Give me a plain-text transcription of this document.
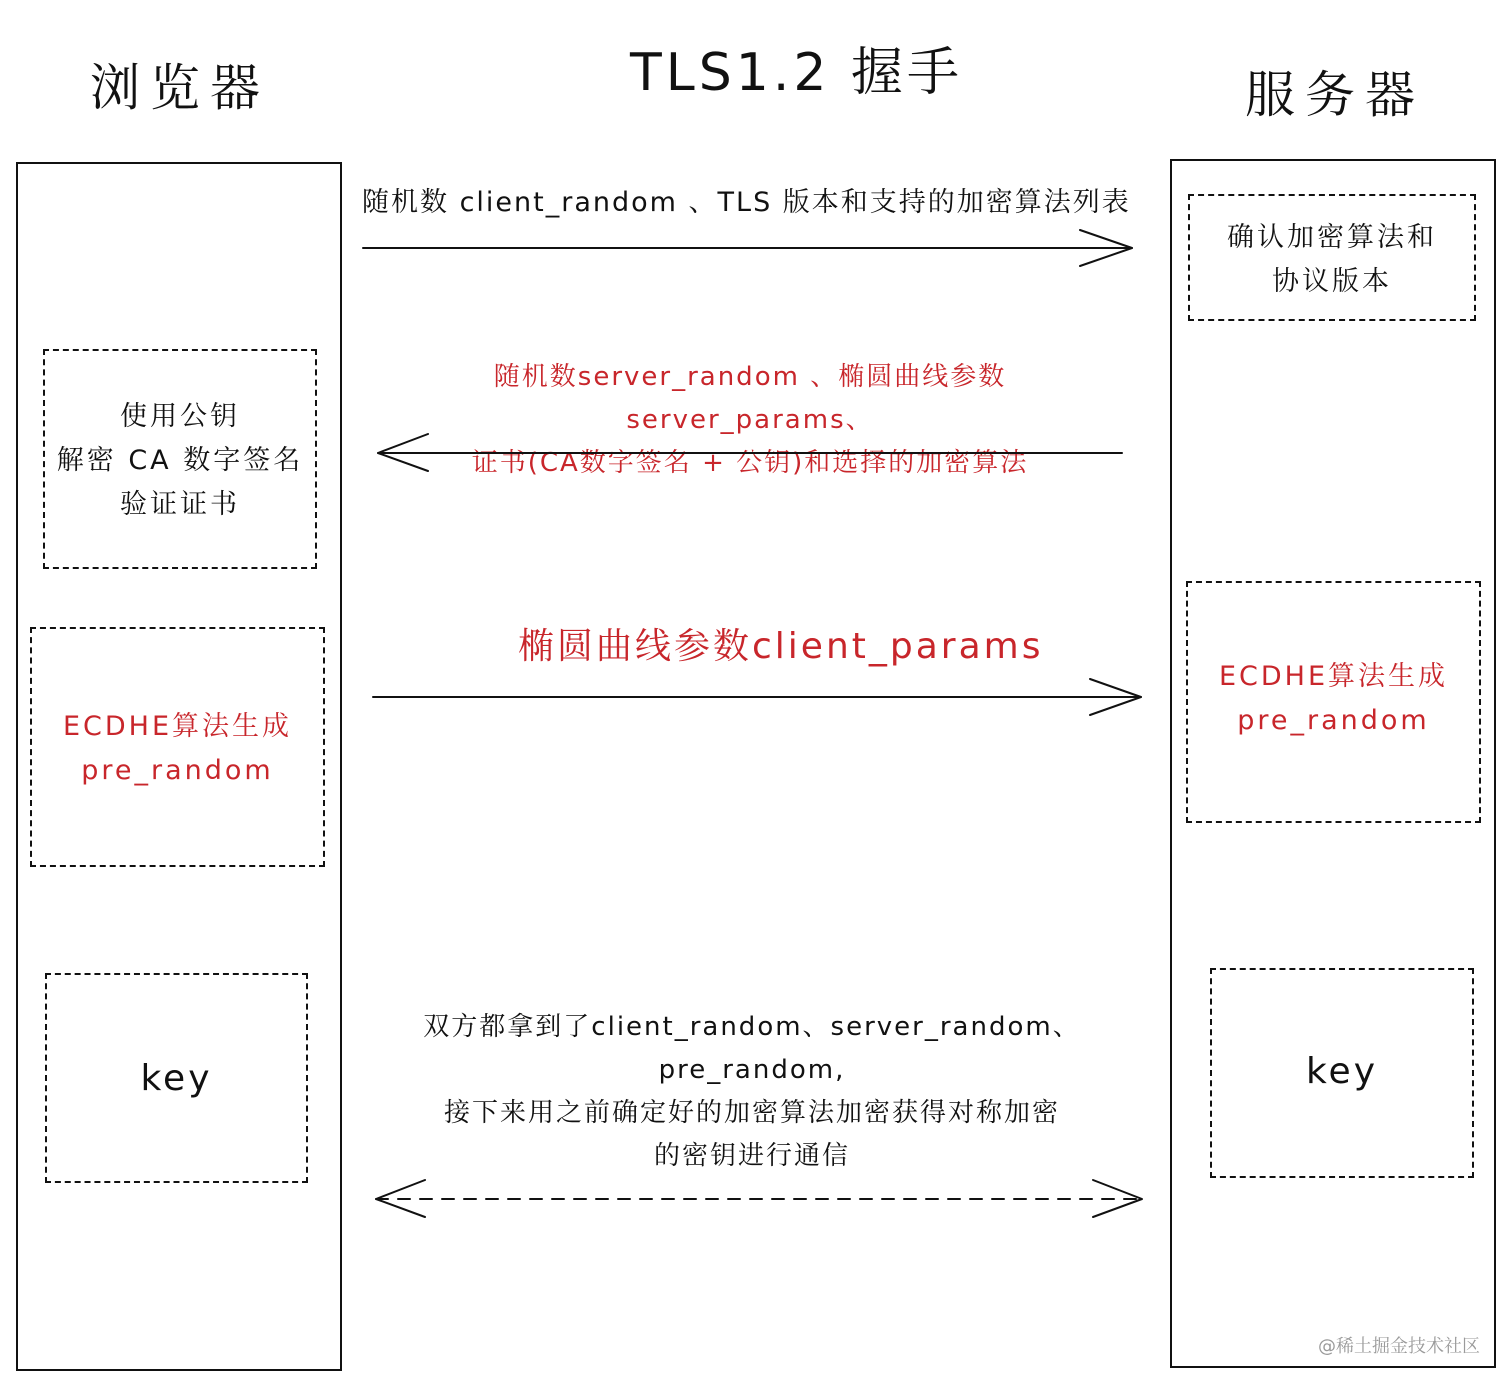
TLS1.2 握手
浏览器	服务器
使用公钥
解密 CA 数字签名
验证证书
ECDHE算法生成
pre_random
key
确认加密算法和
协议版本
ECDHE算法生成
pre_random
key
随机数 client_random 、TLS 版本和支持的加密算法列表
随机数server_random 、椭圆曲线参数server_params、
证书(CA数字签名 + 公钥)和选择的加密算法
椭圆曲线参数client_params
双方都拿到了client_random、server_random、pre_random,
接下来用之前确定好的加密算法加密获得对称加密
的密钥进行通信
@稀土掘金技术社区
